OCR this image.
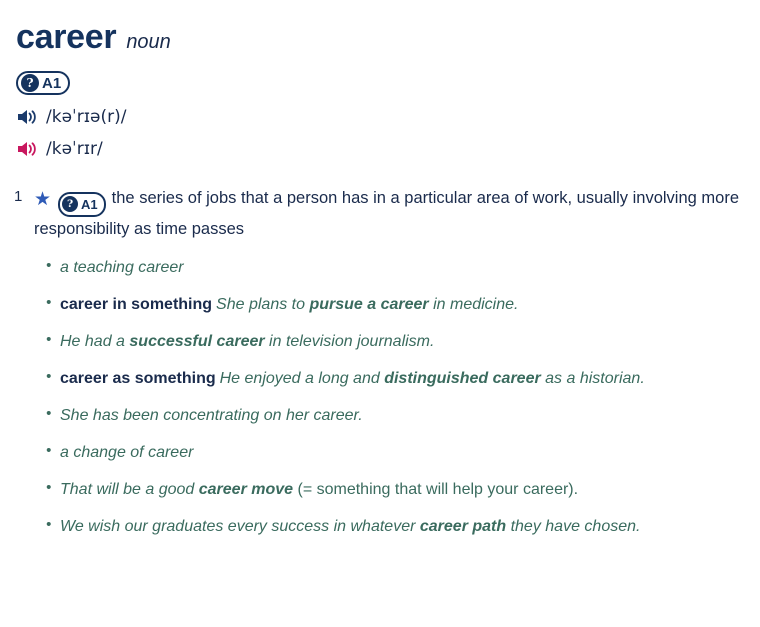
career noun
? A1
/kəˈrɪə(r)/
/kəˈrɪr/
1 ★	? A1 the series of jobs that a person has in a particular area of work, usually involving more responsibility as time passes
• a teaching career
• career in something She plans to pursue a career in medicine.
• He had a successful career in television journalism.
• career as something He enjoyed a long and distinguished career as a historian.
• She has been concentrating on her career.
• a change of career
• That will be a good career move (= something that will help your career).
• We wish our graduates every success in whatever career path they have chosen.
